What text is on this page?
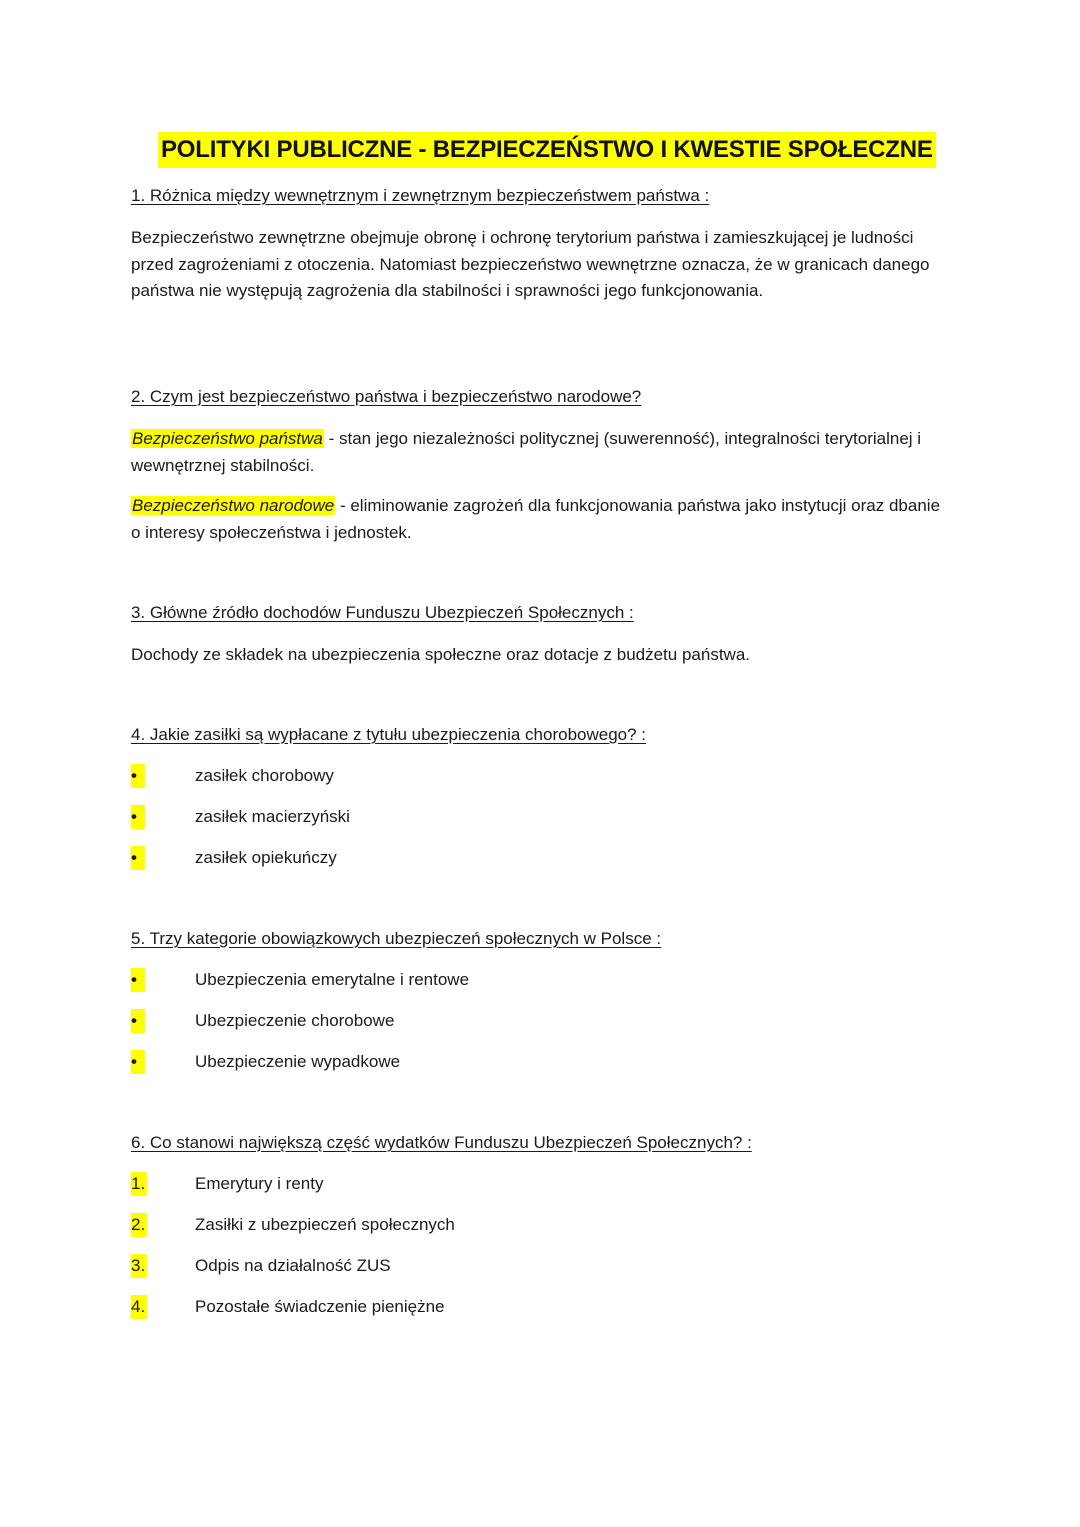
POLITYKI PUBLICZNE - BEZPIECZEŃSTWO I KWESTIE SPOŁECZNE
1. Różnica między wewnętrznym i zewnętrznym bezpieczeństwem państwa :
Bezpieczeństwo zewnętrzne obejmuje obronę i ochronę terytorium państwa i zamieszkującej je ludności przed zagrożeniami z otoczenia. Natomiast bezpieczeństwo wewnętrzne oznacza, że w granicach danego państwa nie występują zagrożenia dla stabilności i sprawności jego funkcjonowania.
2. Czym jest bezpieczeństwo państwa i bezpieczeństwo narodowe?
Bezpieczeństwo państwa - stan jego niezależności politycznej (suwerenność), integralności terytorialnej i wewnętrznej stabilności.
Bezpieczeństwo narodowe - eliminowanie zagrożeń dla funkcjonowania państwa jako instytucji oraz dbanie o interesy społeczeństwa i jednostek.
3. Główne źródło dochodów Funduszu Ubezpieczeń Społecznych :
Dochody ze składek na ubezpieczenia społeczne oraz dotacje z budżetu państwa.
4. Jakie zasiłki są wypłacane z tytułu ubezpieczenia chorobowego? :
•	zasiłek chorobowy
•	zasiłek macierzyński
•	zasiłek opiekuńczy
5. Trzy kategorie obowiązkowych ubezpieczeń społecznych w Polsce :
•	Ubezpieczenia emerytalne i rentowe
•	Ubezpieczenie chorobowe
•	Ubezpieczenie wypadkowe
6. Co stanowi największą część wydatków Funduszu Ubezpieczeń Społecznych? :
1.	Emerytury i renty
2.	Zasiłki z ubezpieczeń społecznych
3.	Odpis na działalność ZUS
4.	Pozostałe świadczenie pieniężne
